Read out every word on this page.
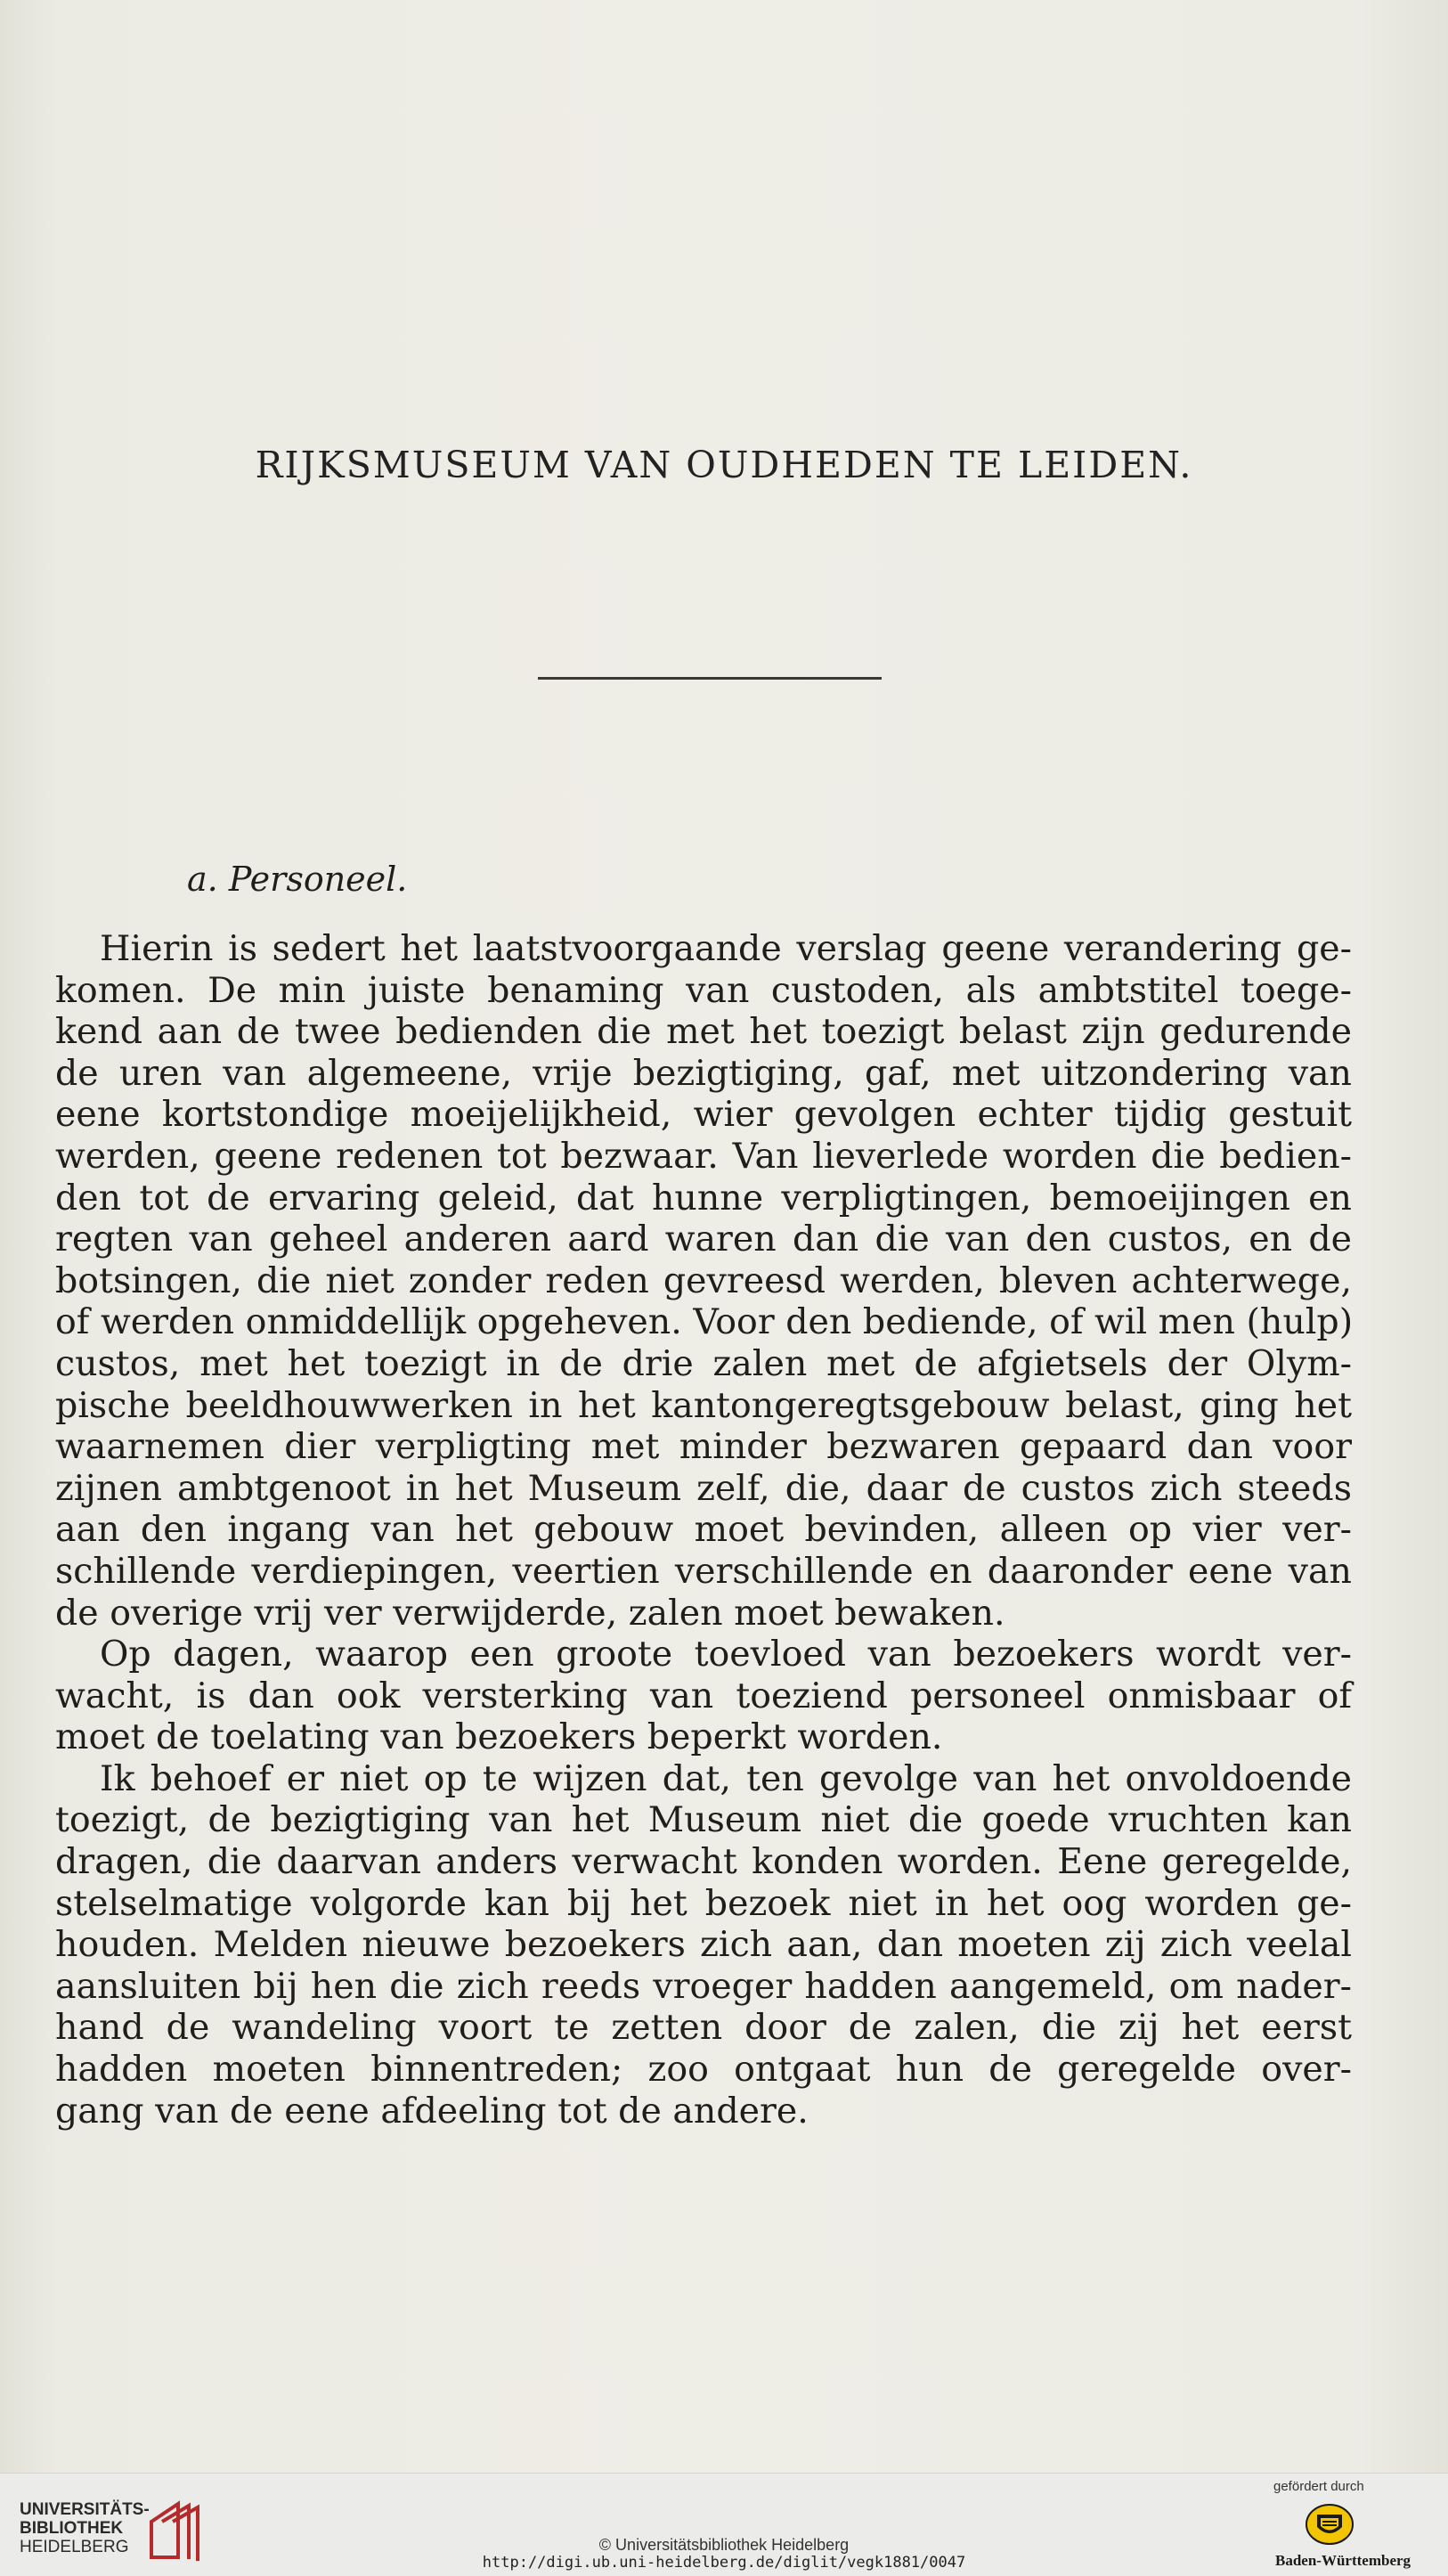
RIJKSMUSEUM VAN OUDHEDEN TE LEIDEN.
a. Personeel.
Hierin is sedert het laatstvoorgaande verslag geene verandering ge-
komen. De min juiste benaming van custoden, als ambtstitel toege-
kend aan de twee bedienden die met het toezigt belast zijn gedurende
de uren van algemeene, vrije bezigtiging, gaf, met uitzondering van
eene kortstondige moeijelijkheid, wier gevolgen echter tijdig gestuit
werden, geene redenen tot bezwaar. Van lieverlede worden die bedien-
den tot de ervaring geleid, dat hunne verpligtingen, bemoeijingen en
regten van geheel anderen aard waren dan die van den custos, en de
botsingen, die niet zonder reden gevreesd werden, bleven achterwege,
of werden onmiddellijk opgeheven. Voor den bediende, of wil men (hulp)
custos, met het toezigt in de drie zalen met de afgietsels der Olym-
pische beeldhouwwerken in het kantongeregtsgebouw belast, ging het
waarnemen dier verpligting met minder bezwaren gepaard dan voor
zijnen ambtgenoot in het Museum zelf, die, daar de custos zich steeds
aan den ingang van het gebouw moet bevinden, alleen op vier ver-
schillende verdiepingen, veertien verschillende en daaronder eene van
de overige vrij ver verwijderde, zalen moet bewaken.
Op dagen, waarop een groote toevloed van bezoekers wordt ver-
wacht, is dan ook versterking van toeziend personeel onmisbaar of
moet de toelating van bezoekers beperkt worden.
Ik behoef er niet op te wijzen dat, ten gevolge van het onvoldoende
toezigt, de bezigtiging van het Museum niet die goede vruchten kan
dragen, die daarvan anders verwacht konden worden. Eene geregelde,
stelselmatige volgorde kan bij het bezoek niet in het oog worden ge-
houden. Melden nieuwe bezoekers zich aan, dan moeten zij zich veelal
aansluiten bij hen die zich reeds vroeger hadden aangemeld, om nader-
hand de wandeling voort te zetten door de zalen, die zij het eerst
hadden moeten binnentreden; zoo ontgaat hun de geregelde over-
gang van de eene afdeeling tot de andere.
UNIVERSITÄTS-
BIBLIOTHEK
HEIDELBERG	© Universitätsbibliothek Heidelberg
http://digi.ub.uni-heidelberg.de/diglit/vegk1881/0047
gefördert durch
Baden-Württemberg
